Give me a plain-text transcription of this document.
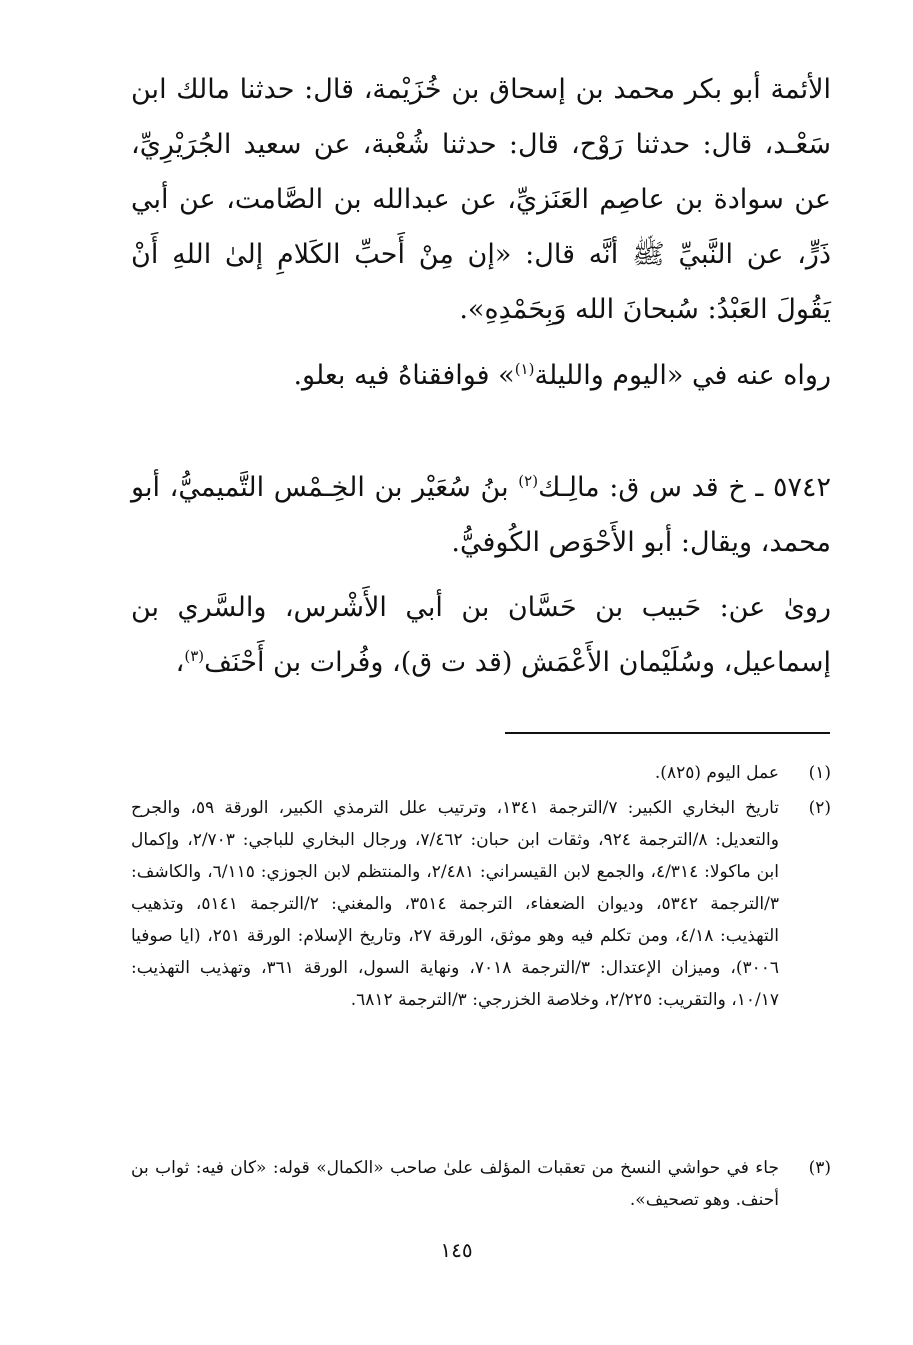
الأئمة أبو بكر محمد بن إسحاق بن خُزَيْمة، قال: حدثنا مالك ابن سَعْـد، قال: حدثنا رَوْح، قال: حدثنا شُعْبة، عن سعيد الجُرَيْرِيِّ، عن سوادة بن عاصِم العَنَزيِّ، عن عبدالله بن الصَّامت، عن أبي ذَرٍّ، عن النَّبيِّ ﷺ أنَّه قال: «إن مِنْ أَحبِّ الكَلامِ إلىٰ اللهِ أَنْ يَقُولَ العَبْدُ: سُبحانَ الله وَبِحَمْدِهِ».

رواه عنه في «اليوم والليلة$^{(١)}$» فوافقناهُ فيه بعلو.

٥٧٤٢ ـ خ قد س ق: مالِـك$^{(٢)}$ بنُ سُعَيْر بن الخِـمْس التَّميميُّ، أبو محمد، ويقال: أبو الأَحْوَص الكُوفيُّ.

روىٰ عن: حَبيب بن حَسَّان بن أبي الأَشْرس، والسَّري بن إسماعيل، وسُلَيْمان الأَعْمَش (قد ت ق)، وفُرات بن أَحْنَف$^{(٣)}$،

(١)
عمل اليوم (٨٢٥).
(٢)
تاريخ البخاري الكبير: ٧/الترجمة ١٣٤١، وترتيب علل الترمذي الكبير، الورقة ٥٩، والجرح والتعديل: ٨/الترجمة ٩٢٤، وثقات ابن حبان: ٧/٤٦٢، ورجال البخاري للباجي: ٢/٧٠٣، وإكمال ابن ماكولا: ٤/٣١٤، والجمع لابن القيسراني: ٢/٤٨١، والمنتظم لابن الجوزي: ٦/١١٥، والكاشف: ٣/الترجمة ٥٣٤٢، وديوان الضعفاء، الترجمة ٣٥١٤، والمغني: ٢/الترجمة ٥١٤١، وتذهيب التهذيب: ٤/١٨، ومن تكلم فيه وهو موثق، الورقة ٢٧، وتاريخ الإسلام: الورقة ٢٥١، (ايا صوفيا ٣٠٠٦)، وميزان الإعتدال: ٣/الترجمة ٧٠١٨، ونهاية السول، الورقة ٣٦١، وتهذيب التهذيب: ١٠/١٧، والتقريب: ٢/٢٢٥، وخلاصة الخزرجي: ٣/الترجمة ٦٨١٢.
(٣)
جاء في حواشي النسخ من تعقبات المؤلف علىٰ صاحب «الكمال» قوله: «كان فيه: ثواب بن أحنف. وهو تصحيف».
١٤٥
